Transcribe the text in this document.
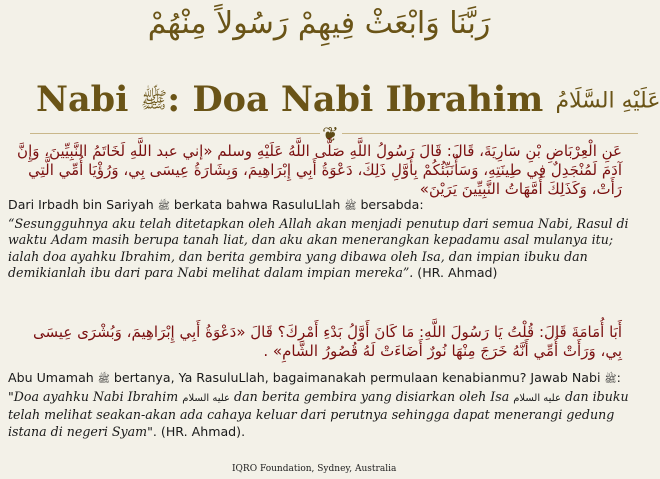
رَبَّنَا وَابْعَثْ فِيهِمْ رَسُولاً مِنْهُمْ
Nabi ﷺ: Doa Nabi Ibrahim عَلَيْهِ السَّلَامُ
❦
عَنِ الْعِرْبَاضِ بْنِ سَارِيَةَ، قَالَ: قَالَ رَسُولُ اللَّهِ صَلَّى اللَّهُ عَلَيْهِ وسلم «إني عبد اللَّهِ لَخَاتَمُ النَّبِيِّينَ، وَإِنَّ آدَمَ لَمُنْجَدِلٌ فِي طِينَتِهِ، وَسَأُنَبِّئُكُمْ بِأَوَّلِ ذَلِكَ، دَعْوَةُ أَبِي إِبْرَاهِيمَ، وَبِشَارَةُ عِيسَى بِي، وَرُؤْيَا أُمِّي الَّتِي رَأَتْ، وَكَذَلِكَ أُمَّهَاتُ النَّبِيِّينَ يَرَيْنَ»
Dari Irbadh bin Sariyah ﷺ berkata bahwa RasuluLlah ﷺ bersabda:
“Sesungguhnya aku telah ditetapkan oleh Allah akan menjadi penutup dari semua Nabi, Rasul di waktu Adam masih berupa tanah liat, dan aku akan menerangkan kepadamu asal mulanya itu; ialah doa ayahku Ibrahim, dan berita gembira yang dibawa oleh Isa, dan impian ibuku dan demikianlah ibu dari para Nabi melihat dalam impian mereka”. (HR. Ahmad)
أَبَا أُمَامَةَ قَالَ: قُلْتُ يَا رَسُولَ اللَّهِ: مَا كَانَ أَوَّلُ بَدْءِ أَمْرِكَ؟ قَالَ «دَعْوَةُ أَبِي إِبْرَاهِيمَ، وَبُشْرَى عِيسَى بِي، وَرَأَتْ أُمِّي أَنَّهُ خَرَجَ مِنْهَا نُورٌ أَضَاءَتْ لَهُ قُصُورُ الشَّامِ» .
Abu Umamah ﷺ bertanya, Ya RasuluLlah, bagaimanakah permulaan kenabianmu? Jawab Nabi ﷺ: "Doa ayahku Nabi Ibrahim عليه السلام dan berita gembira yang disiarkan oleh Isa عليه السلام dan ibuku telah melihat seakan-akan ada cahaya keluar dari perutnya sehingga dapat menerangi gedung istana di negeri Syam". (HR. Ahmad).
IQRO Foundation, Sydney, Australia
